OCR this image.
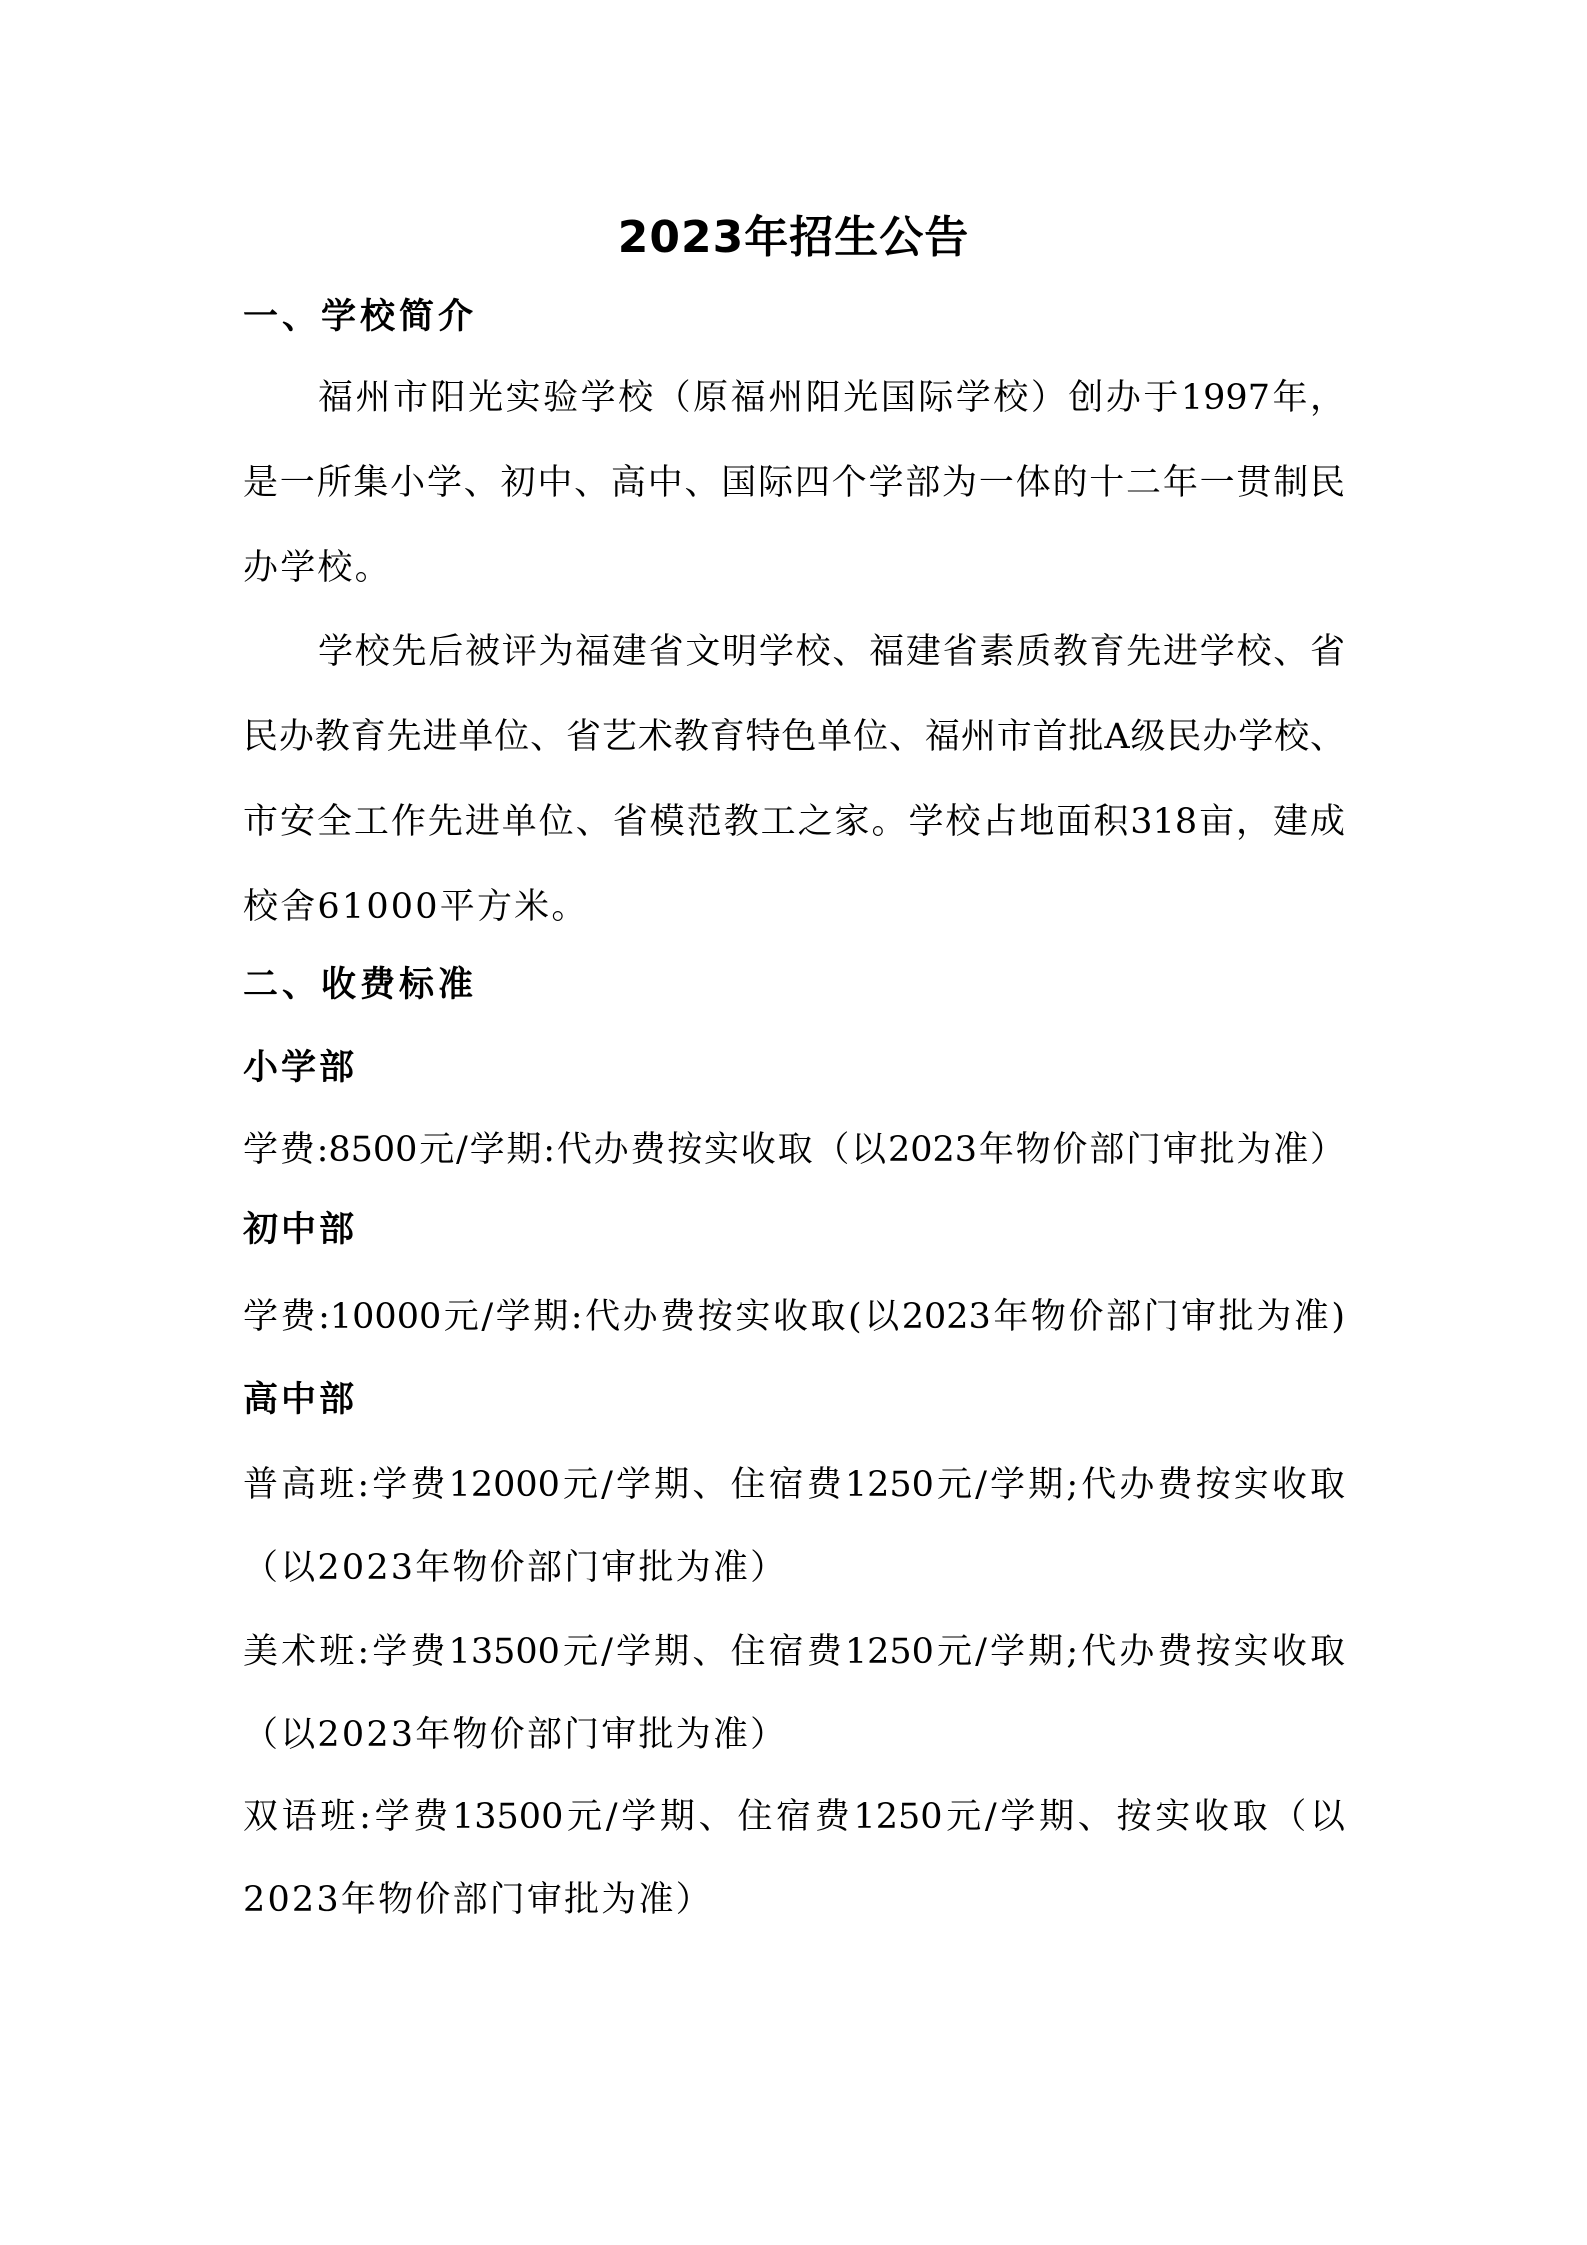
2023年招生公告
一、学校简介
福州市阳光实验学校（原福州阳光国际学校）创办于1997年，
是一所集小学、初中、高中、国际四个学部为一体的十二年一贯制民
办学校。
学校先后被评为福建省文明学校、福建省素质教育先进学校、省
民办教育先进单位、省艺术教育特色单位、福州市首批A级民办学校、
市安全工作先进单位、省模范教工之家。学校占地面积318亩，建成
校舍61000平方米。
二、收费标准
小学部
学费:8500元/学期:代办费按实收取（以2023年物价部门审批为准）
初中部
学费:10000元/学期:代办费按实收取(以2023年物价部门审批为准)
高中部
普高班:学费12000元/学期、住宿费1250元/学期;代办费按实收取
（以2023年物价部门审批为准）
美术班:学费13500元/学期、住宿费1250元/学期;代办费按实收取
（以2023年物价部门审批为准）
双语班:学费13500元/学期、住宿费1250元/学期、按实收取（以
2023年物价部门审批为准）
